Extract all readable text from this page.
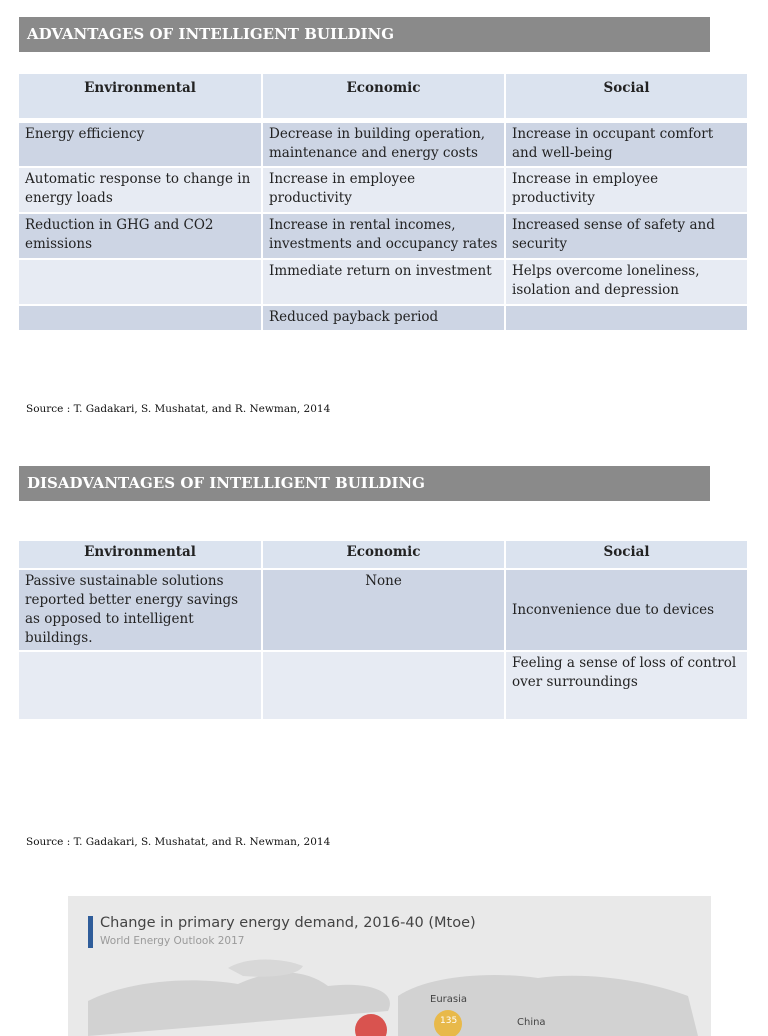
ADVANTAGES OF INTELLIGENT BUILDING
Environmental	Economic	Social

Energy efficiency	Decrease in building operation, maintenance and energy costs	Increase in occupant comfort and well-being
Automatic response to change in energy loads	Increase in employee productivity	Increase in employee productivity
Reduction in GHG and CO2 emissions	Increase in rental incomes, investments and occupancy rates	Increased sense of safety and security
	Immediate return on investment	Helps overcome loneliness, isolation and depression
	Reduced payback period	
Source : T. Gadakari, S. Mushatat, and R. Newman, 2014
DISADVANTAGES OF INTELLIGENT BUILDING
Environmental	Economic	Social
Passive sustainable solutions reported better energy savings as opposed to intelligent buildings.	None	Inconvenience due to devices
		Feeling a sense of loss of control over surroundings
Source : T. Gadakari, S. Mushatat, and R. Newman, 2014
Change in primary energy demand, 2016-40 (Mtoe)
World Energy Outlook 2017
Eurasia
135	China
